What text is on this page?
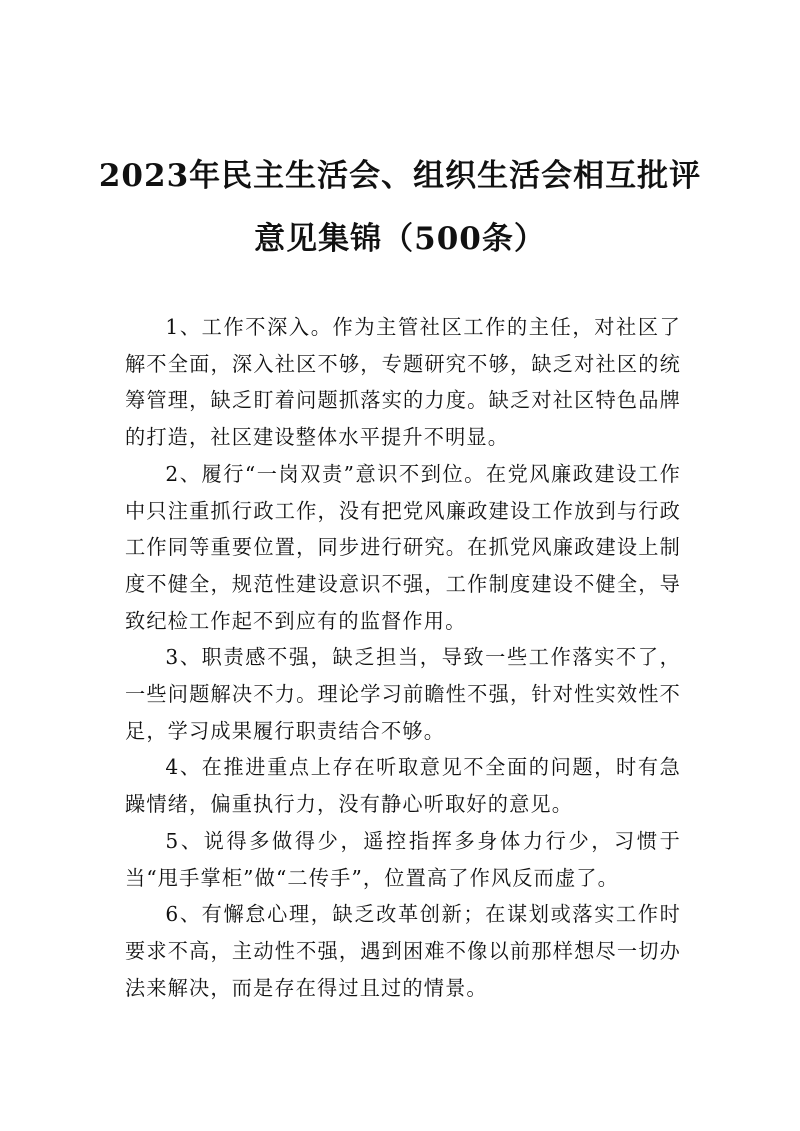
2023年民主生活会、组织生活会相互批评
意见集锦（500条）

1、工作不深入。作为主管社区工作的主任，对社区了解不全面，深入社区不够，专题研究不够，缺乏对社区的统筹管理，缺乏盯着问题抓落实的力度。缺乏对社区特色品牌的打造，社区建设整体水平提升不明显。

2、履行“一岗双责”意识不到位。在党风廉政建设工作中只注重抓行政工作，没有把党风廉政建设工作放到与行政工作同等重要位置，同步进行研究。在抓党风廉政建设上制度不健全，规范性建设意识不强，工作制度建设不健全，导致纪检工作起不到应有的监督作用。

3、职责感不强，缺乏担当，导致一些工作落实不了，一些问题解决不力。理论学习前瞻性不强，针对性实效性不足，学习成果履行职责结合不够。

4、在推进重点上存在听取意见不全面的问题，时有急躁情绪，偏重执行力，没有静心听取好的意见。

5、说得多做得少，遥控指挥多身体力行少，习惯于当“甩手掌柜”做“二传手”，位置高了作风反而虚了。

6、有懈怠心理，缺乏改革创新；在谋划或落实工作时要求不高，主动性不强，遇到困难不像以前那样想尽一切办法来解决，而是存在得过且过的情景。
